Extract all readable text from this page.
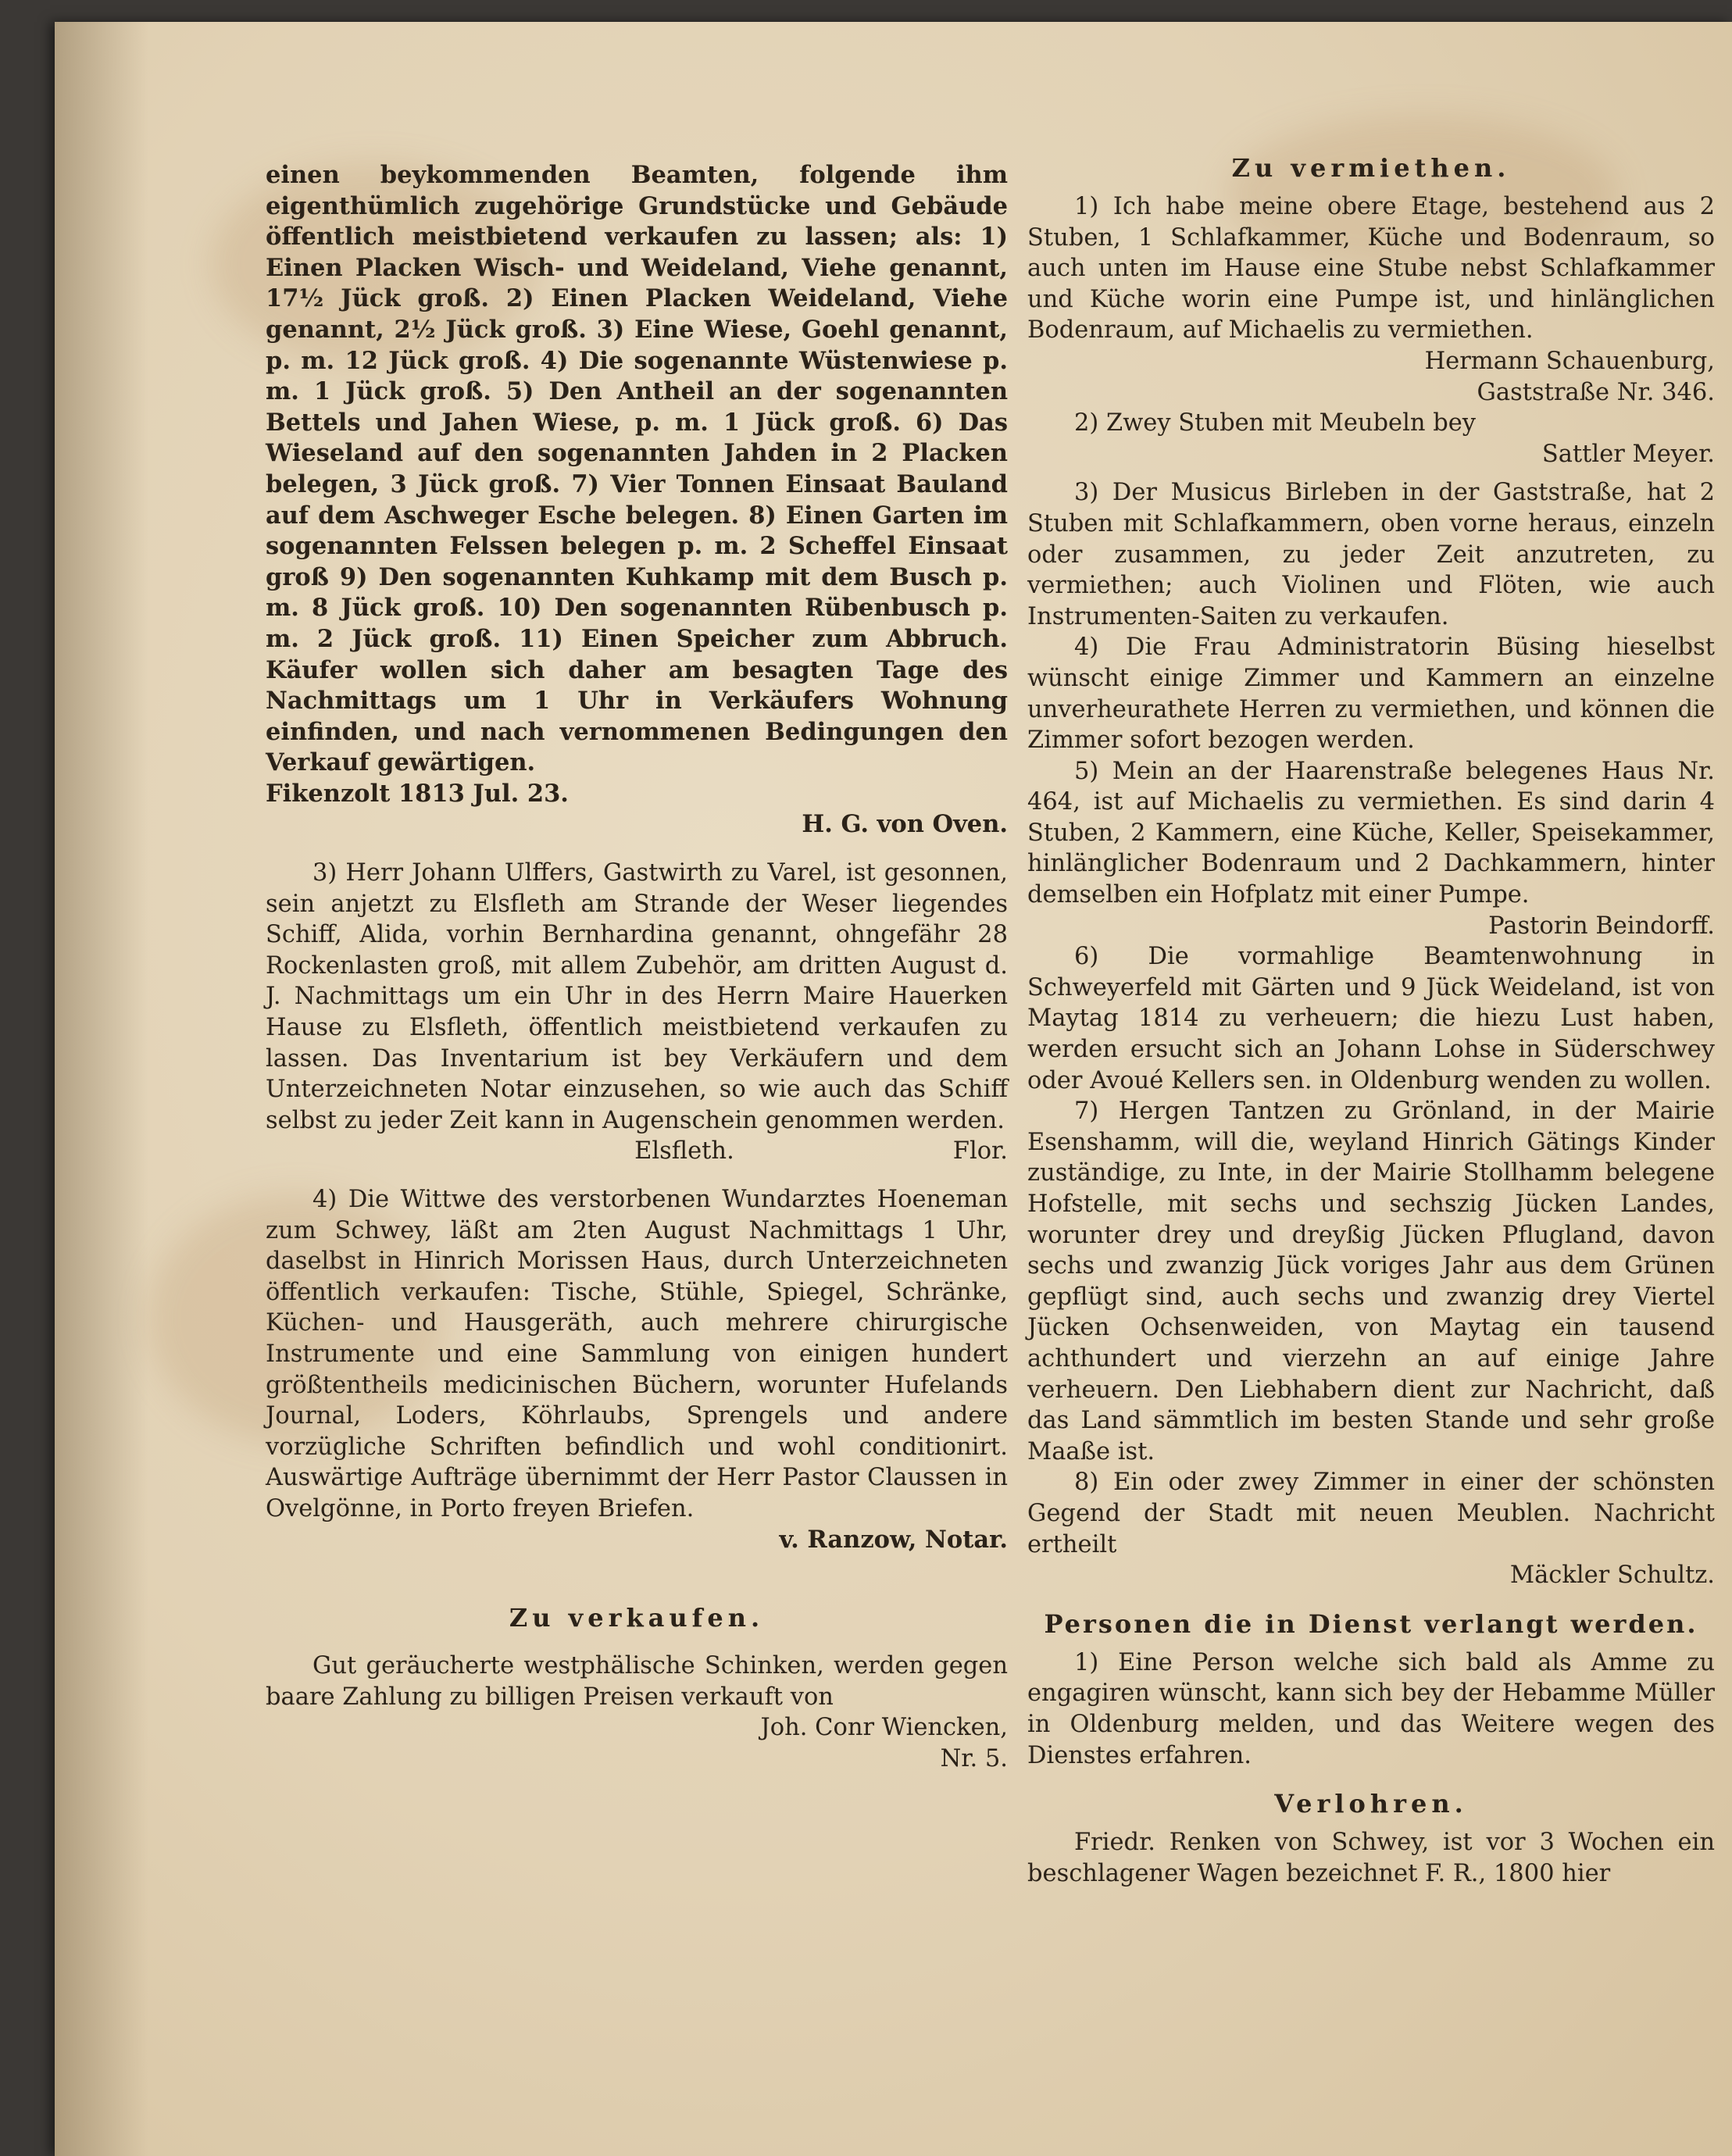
einen beykommenden Beamten, folgende ihm eigenthümlich zugehörige Grundstücke und Gebäude öffentlich meistbietend verkaufen zu lassen; als: 1) Einen Placken Wisch- und Weideland, Viehe genannt, 17½ Jück groß. 2) Einen Placken Weideland, Viehe genannt, 2½ Jück groß. 3) Eine Wiese, Goehl genannt, p. m. 12 Jück groß. 4) Die sogenannte Wüstenwiese p. m. 1 Jück groß. 5) Den Antheil an der sogenannten Bettels und Jahen Wiese, p. m. 1 Jück groß. 6) Das Wieseland auf den sogenannten Jahden in 2 Placken belegen, 3 Jück groß. 7) Vier Tonnen Einsaat Bauland auf dem Aschweger Esche belegen. 8) Einen Garten im sogenannten Felssen belegen p. m. 2 Scheffel Einsaat groß 9) Den sogenannten Kuhkamp mit dem Busch p. m. 8 Jück groß. 10) Den sogenannten Rübenbusch p. m. 2 Jück groß. 11) Einen Speicher zum Abbruch. Käufer wollen sich daher am besagten Tage des Nachmittags um 1 Uhr in Verkäufers Wohnung einfinden, und nach vernommenen Bedingungen den Verkauf gewärtigen.

Fikenzolt 1813 Jul. 23.

H. G. von Oven.

3) Herr Johann Ulffers, Gastwirth zu Varel, ist gesonnen, sein anjetzt zu Elsfleth am Strande der Weser liegendes Schiff, Alida, vorhin Bernhardina genannt, ohngefähr 28 Rockenlasten groß, mit allem Zubehör, am dritten August d. J. Nachmittags um ein Uhr in des Herrn Maire Hauerken Hause zu Elsfleth, öffentlich meistbietend verkaufen zu lassen. Das Inventarium ist bey Verkäufern und dem Unterzeichneten Notar einzusehen, so wie auch das Schiff selbst zu jeder Zeit kann in Augenschein genommen werden.

Elsfleth.	Flor.

4) Die Wittwe des verstorbenen Wundarztes Hoeneman zum Schwey, läßt am 2ten August Nachmittags 1 Uhr, daselbst in Hinrich Morissen Haus, durch Unterzeichneten öffentlich verkaufen: Tische, Stühle, Spiegel, Schränke, Küchen- und Hausgeräth, auch mehrere chirurgische Instrumente und eine Sammlung von einigen hundert größtentheils medicinischen Büchern, worunter Hufelands Journal, Loders, Köhrlaubs, Sprengels und andere vorzügliche Schriften befindlich und wohl conditionirt. Auswärtige Aufträge übernimmt der Herr Pastor Claussen in Ovelgönne, in Porto freyen Briefen.

v. Ranzow, Notar.

Zu verkaufen.

Gut geräucherte westphälische Schinken, werden gegen baare Zahlung zu billigen Preisen verkauft von

Joh. Conr Wiencken,

Nr. 5.

Zu vermiethen.

1) Ich habe meine obere Etage, bestehend aus 2 Stuben, 1 Schlafkammer, Küche und Bodenraum, so auch unten im Hause eine Stube nebst Schlafkammer und Küche worin eine Pumpe ist, und hinlänglichen Bodenraum, auf Michaelis zu vermiethen.

Hermann Schauenburg,

Gaststraße Nr. 346.

2) Zwey Stuben mit Meubeln bey

Sattler Meyer.

3) Der Musicus Birleben in der Gaststraße, hat 2 Stuben mit Schlafkammern, oben vorne heraus, einzeln oder zusammen, zu jeder Zeit anzutreten, zu vermiethen; auch Violinen und Flöten, wie auch Instrumenten-Saiten zu verkaufen.

4) Die Frau Administratorin Büsing hieselbst wünscht einige Zimmer und Kammern an einzelne unverheurathete Herren zu vermiethen, und können die Zimmer sofort bezogen werden.

5) Mein an der Haarenstraße belegenes Haus Nr. 464, ist auf Michaelis zu vermiethen. Es sind darin 4 Stuben, 2 Kammern, eine Küche, Keller, Speisekammer, hinlänglicher Bodenraum und 2 Dachkammern, hinter demselben ein Hofplatz mit einer Pumpe.

Pastorin Beindorff.

6) Die vormahlige Beamtenwohnung in Schweyerfeld mit Gärten und 9 Jück Weideland, ist von Maytag 1814 zu verheuern; die hiezu Lust haben, werden ersucht sich an Johann Lohse in Süderschwey oder Avoué Kellers sen. in Oldenburg wenden zu wollen.

7) Hergen Tantzen zu Grönland, in der Mairie Esenshamm, will die, weyland Hinrich Gätings Kinder zuständige, zu Inte, in der Mairie Stollhamm belegene Hofstelle, mit sechs und sechszig Jücken Landes, worunter drey und dreyßig Jücken Pflugland, davon sechs und zwanzig Jück voriges Jahr aus dem Grünen gepflügt sind, auch sechs und zwanzig drey Viertel Jücken Ochsenweiden, von Maytag ein tausend achthundert und vierzehn an auf einige Jahre verheuern. Den Liebhabern dient zur Nachricht, daß das Land sämmtlich im besten Stande und sehr große Maaße ist.

8) Ein oder zwey Zimmer in einer der schönsten Gegend der Stadt mit neuen Meublen. Nachricht ertheilt

Mäckler Schultz.

Personen die in Dienst verlangt werden.

1) Eine Person welche sich bald als Amme zu engagiren wünscht, kann sich bey der Hebamme Müller in Oldenburg melden, und das Weitere wegen des Dienstes erfahren.

Verlohren.

Friedr. Renken von Schwey, ist vor 3 Wochen ein beschlagener Wagen bezeichnet F. R., 1800 hier
